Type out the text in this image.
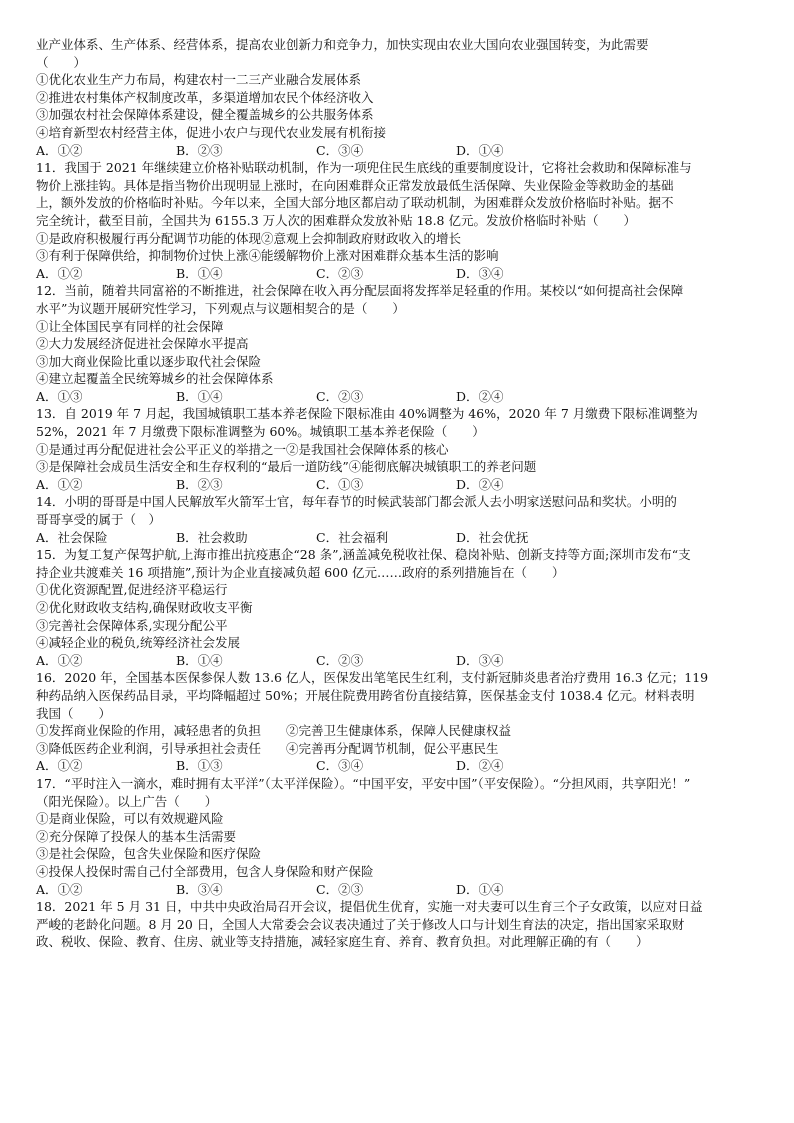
业产业体系、生产体系、经营体系，提高农业创新力和竞争力，加快实现由农业大国向农业强国转变，为此需要
（　　）
①优化农业生产力布局，构建农村一二三产业融合发展体系
②推进农村集体产权制度改革，多渠道增加农民个体经济收入
③加强农村社会保障体系建设，健全覆盖城乡的公共服务体系
④培育新型农村经营主体，促进小农户与现代农业发展有机衔接
A．①②	B．②③	C．③④	D．①④
11．我国于 2021 年继续建立价格补贴联动机制，作为一项兜住民生底线的重要制度设计，它将社会救助和保障标准与
物价上涨挂钩。具体是指当物价出现明显上涨时，在向困难群众正常发放最低生活保障、失业保险金等救助金的基础
上，额外发放的价格临时补贴。今年以来，全国大部分地区都启动了联动机制，为困难群众发放价格临时补贴。据不
完全统计，截至目前，全国共为 6155.3 万人次的困难群众发放补贴 18.8 亿元。发放价格临时补贴（　　）
①是政府积极履行再分配调节功能的体现②意观上会抑制政府财政收入的增长
③有利于保障供给，抑制物价过快上涨④能缓解物价上涨对困难群众基本生活的影响
A．①②	B．①④	C．②③	D．③④
12．当前，随着共同富裕的不断推进，社会保障在收入再分配层面将发挥举足轻重的作用。某校以“如何提高社会保障
水平”为议题开展研究性学习，下列观点与议题相契合的是（　　）
①让全体国民享有同样的社会保障
②大力发展经济促进社会保障水平提高
③加大商业保险比重以逐步取代社会保险
④建立起覆盖全民统筹城乡的社会保障体系
A．①③	B．①④	C．②③	D．②④
13．自 2019 年 7 月起，我国城镇职工基本养老保险下限标准由 40%调整为 46%，2020 年 7 月缴费下限标准调整为
52%，2021 年 7 月缴费下限标准调整为 60%。城镇职工基本养老保险（　　）
①是通过再分配促进社会公平正义的举措之一②是我国社会保障体系的核心
③是保障社会成员生活安全和生存权利的“最后一道防线”④能彻底解决城镇职工的养老问题
A．①②	B．②③	C．①③	D．②④
14．小明的哥哥是中国人民解放军火箭军士官，每年春节的时候武装部门都会派人去小明家送慰问品和奖状。小明的
哥哥享受的属于（　）
A．社会保险	B．社会救助	C．社会福利	D．社会优抚
15．为复工复产保驾护航,上海市推出抗疫惠企“28 条”,涵盖减免税收社保、稳岗补贴、创新支持等方面;深圳市发布“支
持企业共渡难关 16 项措施”,预计为企业直接减负超 600 亿元……政府的系列措施旨在（　　）
①优化资源配置,促进经济平稳运行
②优化财政收支结构,确保财政收支平衡
③完善社会保障体系,实现分配公平
④减轻企业的税负,统筹经济社会发展
A．①②	B．①④	C．②③	D．③④
16．2020 年，全国基本医保参保人数 13.6 亿人，医保发出笔笔民生红利，支付新冠肺炎患者治疗费用 16.3 亿元；119
种药品纳入医保药品目录，平均降幅超过 50%；开展住院费用跨省份直接结算，医保基金支付 1038.4 亿元。材料表明
我国（　　）
①发挥商业保险的作用，减轻患者的负担　　②完善卫生健康体系，保障人民健康权益
③降低医药企业利润，引导承担社会责任　　④完善再分配调节机制，促公平惠民生
A．①②	B．①③	C．③④	D．②④
17．“平时注入一滴水，难时拥有太平洋”（太平洋保险）。“中国平安，平安中国”（平安保险）。“分担风雨，共享阳光！”
（阳光保险）。以上广告（　　）
①是商业保险，可以有效规避风险
②充分保障了投保人的基本生活需要
③是社会保险，包含失业保险和医疗保险
④投保人投保时需自己付全部费用，包含人身保险和财产保险
A．①②	B．③④	C．②③	D．①④
18．2021 年 5 月 31 日，中共中央政治局召开会议，提倡优生优育，实施一对夫妻可以生育三个子女政策，以应对日益
严峻的老龄化问题。8 月 20 日，全国人大常委会会议表决通过了关于修改人口与计划生育法的决定，指出国家采取财
政、税收、保险、教育、住房、就业等支持措施，减轻家庭生育、养育、教育负担。对此理解正确的有（　　）
